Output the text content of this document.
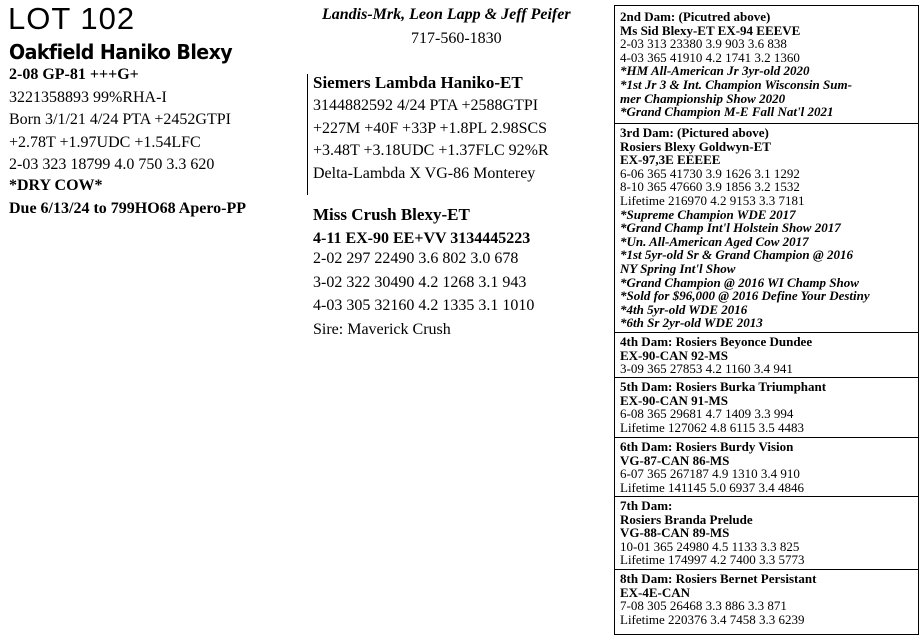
LOT 102
Oakfield Haniko Blexy
2-08 GP-81 +++G+
3221358893 99%RHA-I
Born 3/1/21 4/24 PTA +2452GTPI
+2.78T +1.97UDC +1.54LFC
2-03 323 18799 4.0 750 3.3 620
*DRY COW*
Due 6/13/24 to 799HO68 Apero-PP
Landis-Mrk, Leon Lapp & Jeff Peifer
717-560-1830
Siemers Lambda Haniko-ET
3144882592 4/24 PTA +2588GTPI
+227M +40F +33P +1.8PL 2.98SCS
+3.48T +3.18UDC +1.37FLC 92%R
Delta-Lambda X VG-86 Monterey
Miss Crush Blexy-ET
4-11 EX-90 EE+VV 3134445223
2-02 297 22490 3.6 802 3.0 678
3-02 322 30490 4.2 1268 3.1 943
4-03 305 32160 4.2 1335 3.1 1010
Sire: Maverick Crush
2nd Dam: (Picutred above)
Ms Sid Blexy-ET EX-94 EEEVE
2-03 313 23380 3.9 903 3.6 838
4-03 365 41910 4.2 1741 3.2 1360
*HM All-American Jr 3yr-old 2020
*1st Jr 3 & Int. Champion Wisconsin Sum-
mer Championship Show 2020
*Grand Champion M-E Fall Nat'l 2021
3rd Dam: (Pictured above)
Rosiers Blexy Goldwyn-ET
EX-97,3E EEEEE
6-06 365 41730 3.9 1626 3.1 1292
8-10 365 47660 3.9 1856 3.2 1532
Lifetime 216970 4.2 9153 3.3 7181
*Supreme Champion WDE 2017
*Grand Champ Int'l Holstein Show 2017
*Un. All-American Aged Cow 2017
*1st 5yr-old Sr & Grand Champion @ 2016
NY Spring Int'l Show
*Grand Champion @ 2016 WI Champ Show
*Sold for $96,000 @ 2016 Define Your Destiny
*4th 5yr-old WDE 2016
*6th Sr 2yr-old WDE 2013
4th Dam: Rosiers Beyonce Dundee
EX-90-CAN 92-MS
3-09 365 27853 4.2 1160 3.4 941
5th Dam: Rosiers Burka Triumphant
EX-90-CAN 91-MS
6-08 365 29681 4.7 1409 3.3 994
Lifetime 127062 4.8 6115 3.5 4483
6th Dam: Rosiers Burdy Vision
VG-87-CAN 86-MS
6-07 365 267187 4.9 1310 3.4 910
Lifetime 141145 5.0 6937 3.4 4846
7th Dam:
Rosiers Branda Prelude
VG-88-CAN 89-MS
10-01 365 24980 4.5 1133 3.3 825
Lifetime 174997 4.2 7400 3.3 5773
8th Dam: Rosiers Bernet Persistant
EX-4E-CAN
7-08 305 26468 3.3 886 3.3 871
Lifetime 220376 3.4 7458 3.3 6239
